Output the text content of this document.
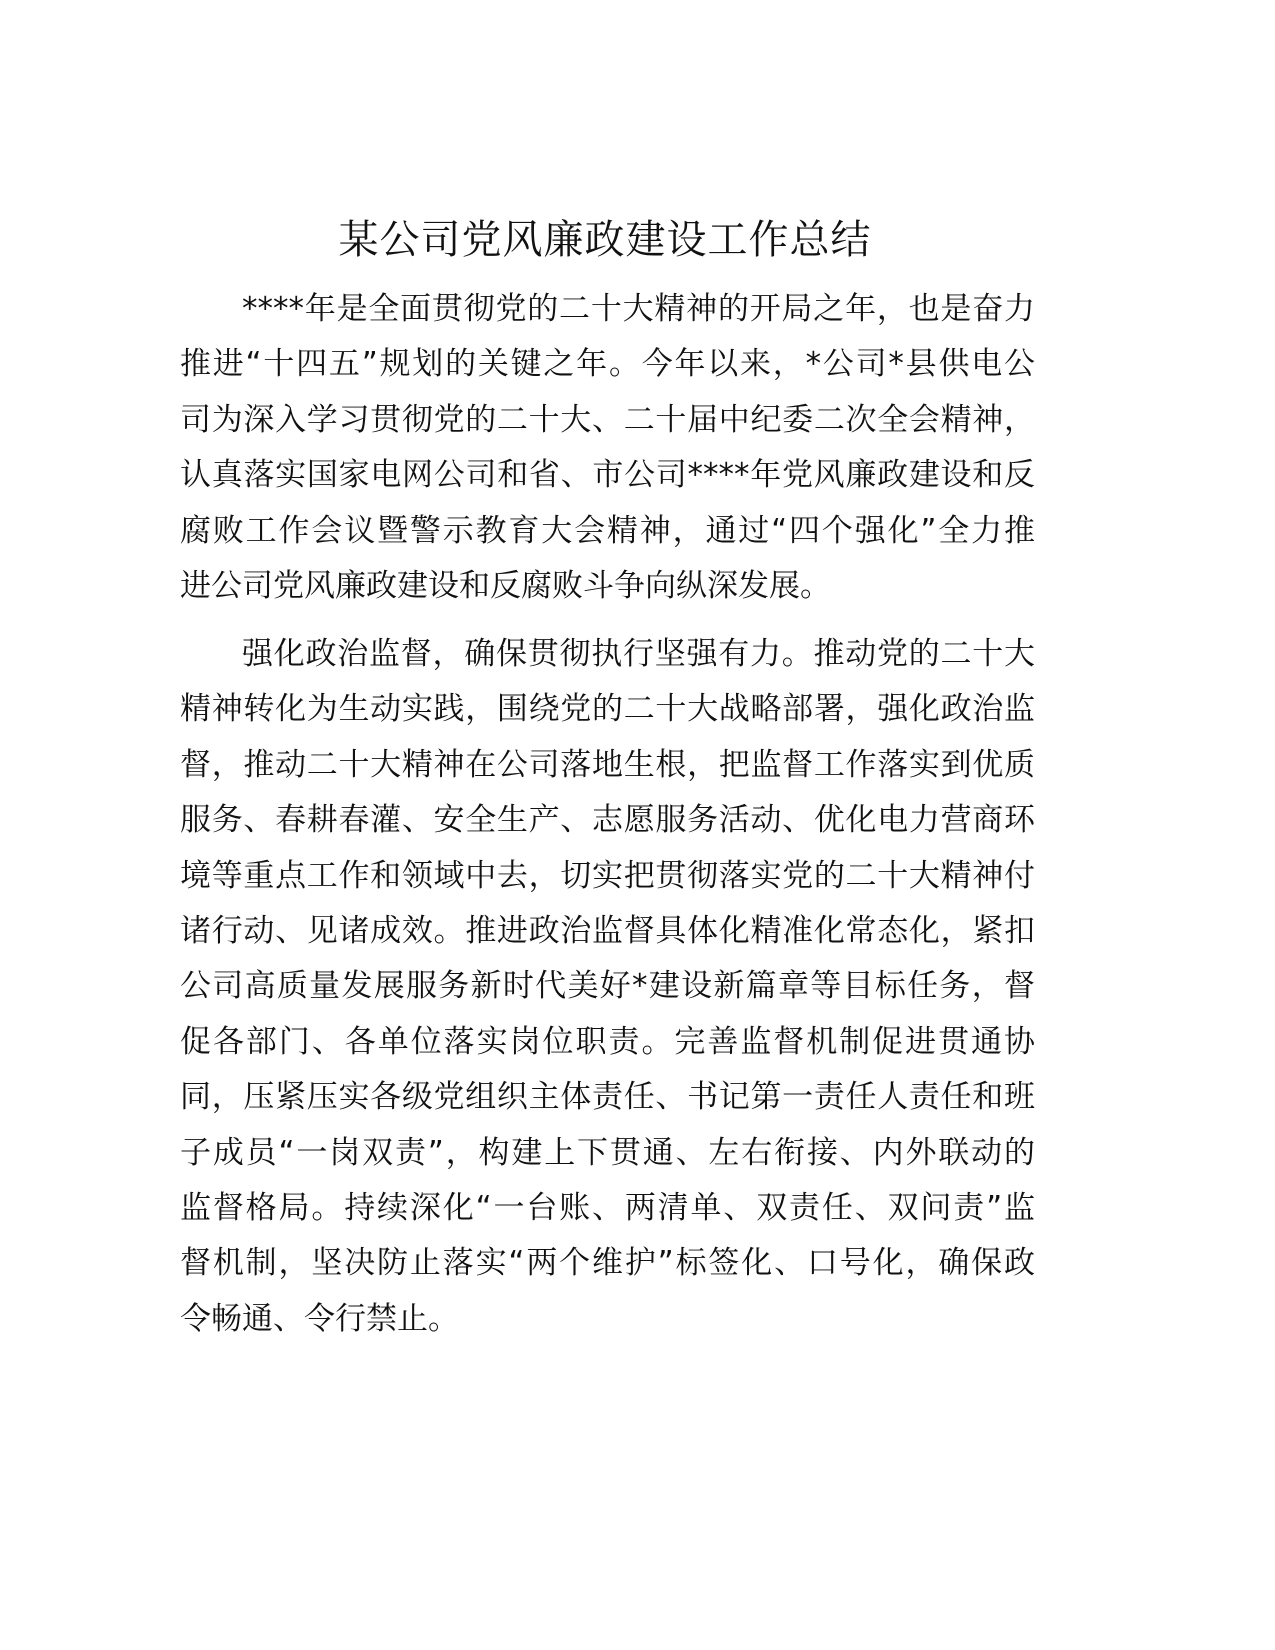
某公司党风廉政建设工作总结
****年是全面贯彻党的二十大精神的开局之年，也是奋力
推进“十四五”规划的关键之年。今年以来，*公司*县供电公
司为深入学习贯彻党的二十大、二十届中纪委二次全会精神，
认真落实国家电网公司和省、市公司****年党风廉政建设和反
腐败工作会议暨警示教育大会精神，通过“四个强化”全力推
进公司党风廉政建设和反腐败斗争向纵深发展。
强化政治监督，确保贯彻执行坚强有力。推动党的二十大
精神转化为生动实践，围绕党的二十大战略部署，强化政治监
督，推动二十大精神在公司落地生根，把监督工作落实到优质
服务、春耕春灌、安全生产、志愿服务活动、优化电力营商环
境等重点工作和领域中去，切实把贯彻落实党的二十大精神付
诸行动、见诸成效。推进政治监督具体化精准化常态化，紧扣
公司高质量发展服务新时代美好*建设新篇章等目标任务，督
促各部门、各单位落实岗位职责。完善监督机制促进贯通协
同，压紧压实各级党组织主体责任、书记第一责任人责任和班
子成员“一岗双责”，构建上下贯通、左右衔接、内外联动的
监督格局。持续深化“一台账、两清单、双责任、双问责”监
督机制，坚决防止落实“两个维护”标签化、口号化，确保政
令畅通、令行禁止。
